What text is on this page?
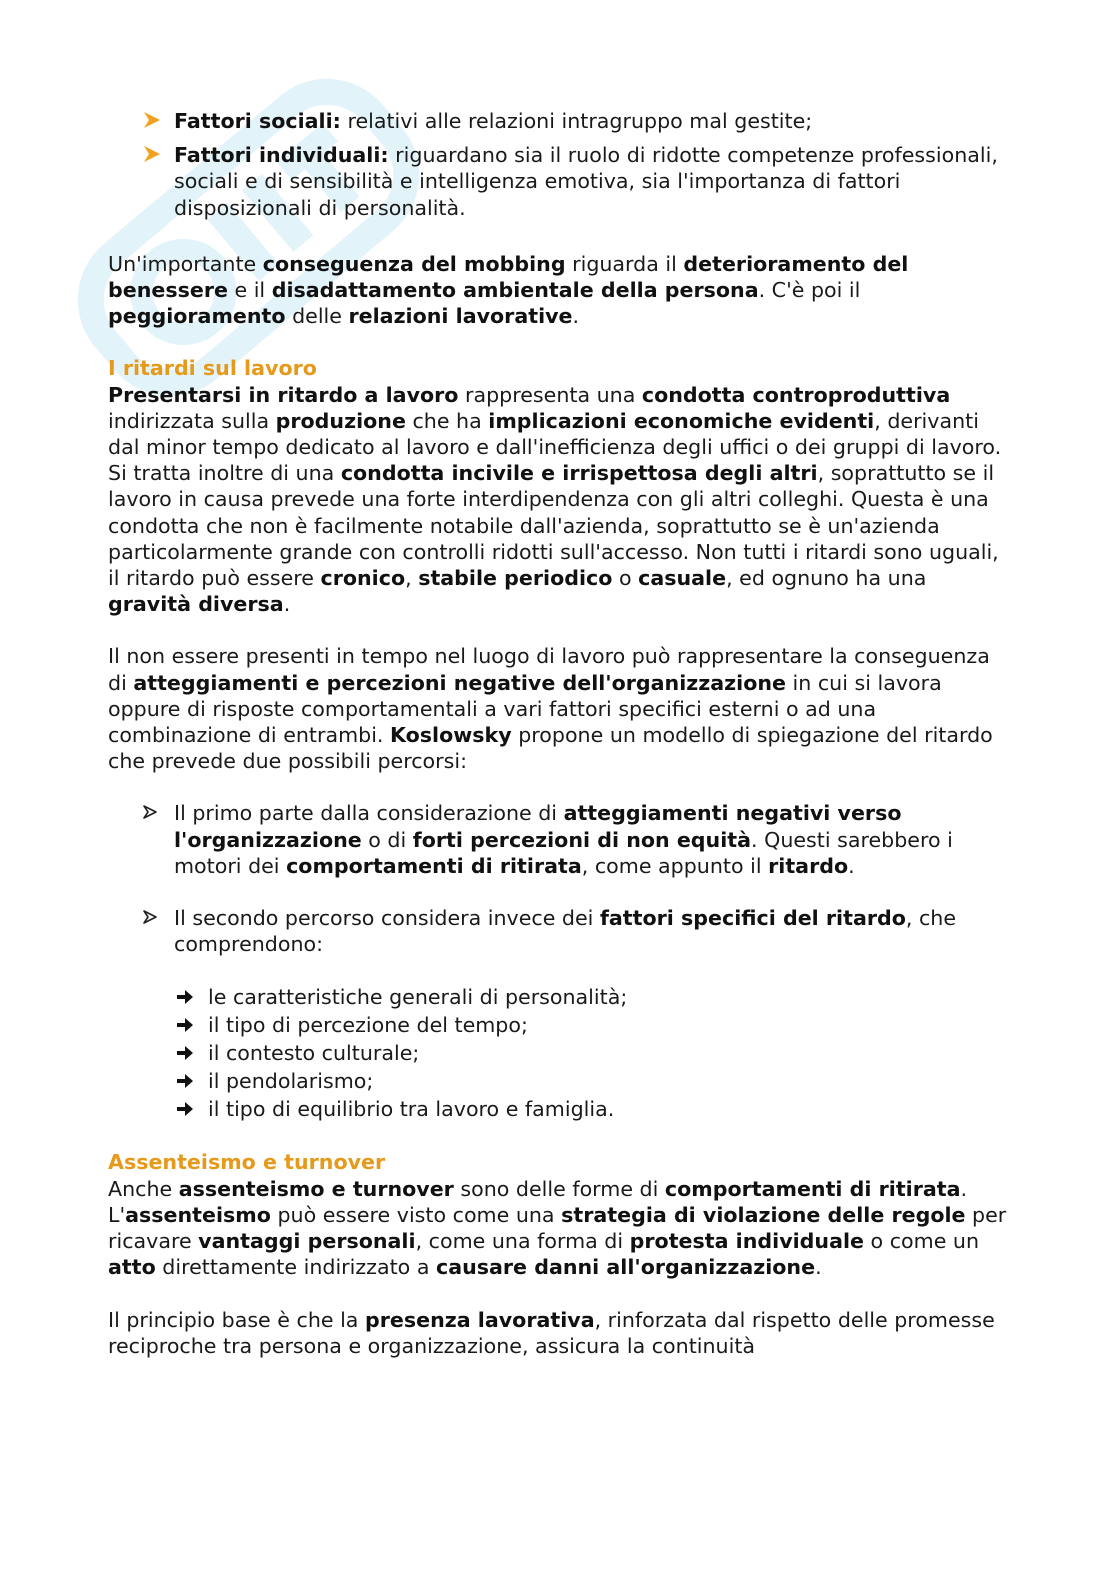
Fattori sociali: relativi alle relazioni intragruppo mal gestite;
Fattori individuali: riguardano sia il ruolo di ridotte competenze professionali, sociali e di sensibilità e intelligenza emotiva, sia l'importanza di fattori disposizionali di personalità.

Un'importante conseguenza del mobbing riguarda il deterioramento del benessere e il disadattamento ambientale della persona. C'è poi il peggioramento delle relazioni lavorative.

I ritardi sul lavoro

Presentarsi in ritardo a lavoro rappresenta una condotta controproduttiva indirizzata sulla produzione che ha implicazioni economiche evidenti, derivanti dal minor tempo dedicato al lavoro e dall'inefficienza degli uffici o dei gruppi di lavoro. Si tratta inoltre di una condotta incivile e irrispettosa degli altri, soprattutto se il lavoro in causa prevede una forte interdipendenza con gli altri colleghi. Questa è una condotta che non è facilmente notabile dall'azienda, soprattutto se è un'azienda particolarmente grande con controlli ridotti sull'accesso. Non tutti i ritardi sono uguali, il ritardo può essere cronico, stabile periodico o casuale, ed ognuno ha una gravità diversa.

Il non essere presenti in tempo nel luogo di lavoro può rappresentare la conseguenza di atteggiamenti e percezioni negative dell'organizzazione in cui si lavora oppure di risposte comportamentali a vari fattori specifici esterni o ad una combinazione di entrambi. Koslowsky propone un modello di spiegazione del ritardo che prevede due possibili percorsi:

Il primo parte dalla considerazione di atteggiamenti negativi verso l'organizzazione o di forti percezioni di non equità. Questi sarebbero i motori dei comportamenti di ritirata, come appunto il ritardo.
Il secondo percorso considera invece dei fattori specifici del ritardo, che comprendono:
le caratteristiche generali di personalità;
il tipo di percezione del tempo;
il contesto culturale;
il pendolarismo;
il tipo di equilibrio tra lavoro e famiglia.

Assenteismo e turnover

Anche assenteismo e turnover sono delle forme di comportamenti di ritirata. L'assenteismo può essere visto come una strategia di violazione delle regole per ricavare vantaggi personali, come una forma di protesta individuale o come un atto direttamente indirizzato a causare danni all'organizzazione.

Il principio base è che la presenza lavorativa, rinforzata dal rispetto delle promesse reciproche tra persona e organizzazione, assicura la continuità
